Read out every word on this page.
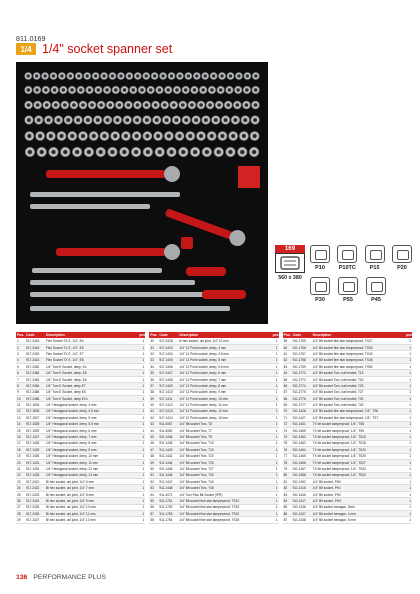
811.0169
1/4 1/4" socket spanner set
169
560 x 380
P10	P10TC	P15	P20
P30	P55	P45
Pos.	Code	Description	pcs
1	917.2416	Flex Socket TX E, 1/4", E4	1
2	917.2415	Flex Socket TX E, 1/4", E5	1
3	917.2415	Flex Socket TX E, 1/4", E7	1
4	917.2416	Flex Socket TX E, 1/4", E8	1
5	917.2481	1/4" Torx E Socket, deep, E4	1
6	917.2482	1/4" Torx E Socket, deep, E5	1
7	917.2483	1/4" Torx E Socket, deep, E6	1
8	917.2484	1/4" Torx E Socket, deep E7	1
9	917.2485	1/4" Torx E Socket, deep E8	1
10	917.2486	1/4" Torx E Socket, deep E10	1
11	917.1524	1/4" Hexagonal socket, deep, 4 mm	1
12	917.1525	1/4" Hexagonal socket, deep, 4.5 mm	1
13	917.1527	1/4" Hexagonal socket, deep, 5 mm	1
14	917.1528	1/4" Hexagonal socket, deep, 5.5 mm	1
15	917.1529	1/4" Hexagonal socket, deep, 6 mm	1
16	917.1427	1/4" Hexagonal socket, deep, 7 mm	1
17	917.1426	1/4" Hexagonal socket, deep, 8 mm	1
18	917.1429	1/4" Hexagonal socket, deep, 9 mm	1
19	917.1430	1/4" Hexagonal socket, deep, 10 mm	1
20	917.1431	1/4" Hexagonal socket, deep, 11 mm	1
21	917.1432	1/4" Hexagonal socket, deep, 12 mm	1
22	917.1433	1/4" Hexagonal socket, deep, 13 mm	1
23	917.2421	Bi hex socket, uni joint, 1/4" 6 mm	1
24	917.2422	Bi hex socket, uni joint, 1/4" 7 mm	1
25	917.2423	Bi hex socket, uni joint, 1/4" 8 mm	1
26	917.2424	Bi hex socket, uni joint, 1/4" 9 mm	1
27	917.2425	Bi hex socket, uni joint, 1/4" 10 mm	1
28	917.2426	Bi hex socket, uni joint, 1/4" 11 mm	1
29	917.2427	Bi hex socket, uni joint, 1/4" 12 mm	1
Pos.	Code	Description	pcs
30	917.2428	bi hex socket, uni joint, 1/4" 13 mm	1
31	917.1403	1/4" 12 Point socket, deep, 4 mm	1
32	917.1404	1/4" 12 Point socket, deep, 4.5 mm	1
33	917.1405	1/4" 12 Point socket, deep, 5 mm	1
34	917.1406	1/4" 12 Point socket, deep, 5.5 mm	1
35	917.1407	1/4" 12 Point socket, deep, 6 mm	1
36	917.1408	1/4" 12 Point socket, deep, 7 mm	1
37	917.1409	1/4" 12 Point socket, deep, 8 mm	1
38	917.1410	1/4" 12 Point socket, deep, 9 mm	1
39	917.1411	1/4" 12 Point socket, deep, 10 mm	1
40	917.1412	1/4" 12 Point socket, deep, 11 mm	1
41	917.1413	1/4" 12 Point socket, deep, 12 mm	1
42	917.1414	1/4" 12 Point socket, deep, 13 mm	1
43	911.4067	1/4" Bit socket Torx, T8	1
44	911.4082	1/4" Bit socket Torx, T7	1
45	911.1446	1/4" Bit socket Torx, T9	1
46	911.1436	1/4" Bit socket Torx, T10	1
47	911.1443	1/4" Bit socket Torx, T15	1
48	911.1442	1/4" Bit socket Torx, T20	1
49	911.1444	1/4" Bit socket Torx, T25	1
50	911.1445	1/4" Bit socket Torx, T27	1
51	911.1446	1/4" Bit socket Torx, T30	1
52	911.1447	1/4" Bit socket Torx, T40	1
53	911.1448	1/4" Bit socket Torx, T45	1
54	911.4072	1/4" Torx Plus Bit Socket (IPR)	1
55	911.1751	1/4" Bit socket fine star tamperproof, TS10	1
56	911.1752	1/4" Bit socket fine star tamperproof, TS15	1
57	911.1753	1/4" Bit socket fine star tamperproof, TS20	1
58	911.1754	1/4" Bit socket fine star tamperproof, TS25	1
Pos.	Code	Description	pcs
59	911.1755	1/4" Bit socket fine star tamperproof, TS27	1
60	911.1756	1/4" Bit socket fine star tamperproof, TS30	1
61	911.1757	1/4" Bit socket fine star tamperproof, TS40	1
62	911.1758	1/4" Bit socket fine star tamperproof, TS45	1
63	911.1759	1/4" Bit socket fine star tamperproof, TS50	1
64	911.2772	1/4" Bit socket Torx, ball ended, T15	1
65	911.2773	1/4" Bit socket Torx, ball ended, T20	1
66	911.2774	1/4" Bit socket Torx, ball ended, T25	1
67	911.2775	1/4" Bit socket Torx, ball ended, T27	1
68	911.2776	1/4" Bit socket Torx, ball ended, T30	1
69	911.2777	1/4" Bit socket Torx, ball ended, T40	1
70	911.1426	1/4" Bit socket fine star tamperproof, 1/4", TS6	1
71	911.1427	1/4" Bit socket fine star tamperproof, 1/4", TS7	1
72	911.1461	TX bit socket tamperproof, 1/4", TS8	1
73	911.1465	TX bit socket tamperproof, 1/4", TS9	1
74	911.1462	TX bit socket tamperproof, 1/4", TS10	1
75	911.1463	TX bit socket tamperproof, 1/4", TS15	1
76	911.1464	TX bit socket tamperproof, 1/4", TS20	1
77	911.1465	TX bit socket tamperproof, 1/4", TS25	1
78	911.1466	TX bit socket tamperproof, 1/4", TS27	1
79	911.1467	TX bit socket tamperproof, 1/4", TS30	1
80	911.1468	TX bit socket tamperproof, 1/4", TS40	1
81	911.1452	1/4" Bit socket, PH0	1
82	911.1416	1/4" Bit socket, PH1	1
83	911.1446	1/4" Bit socket, PH2	1
84	911.1417	1/4" Bit socket, PH3	1
85	911.1436	1/4" Bit socket hexagon, 3mm	1
86	911.1437	1/4" Bit socket hexagon, 4 mm	1
87	911.1438	1/4" Bit socket hexagon, 5 mm	1
136 PERFORMANCE PLUS
